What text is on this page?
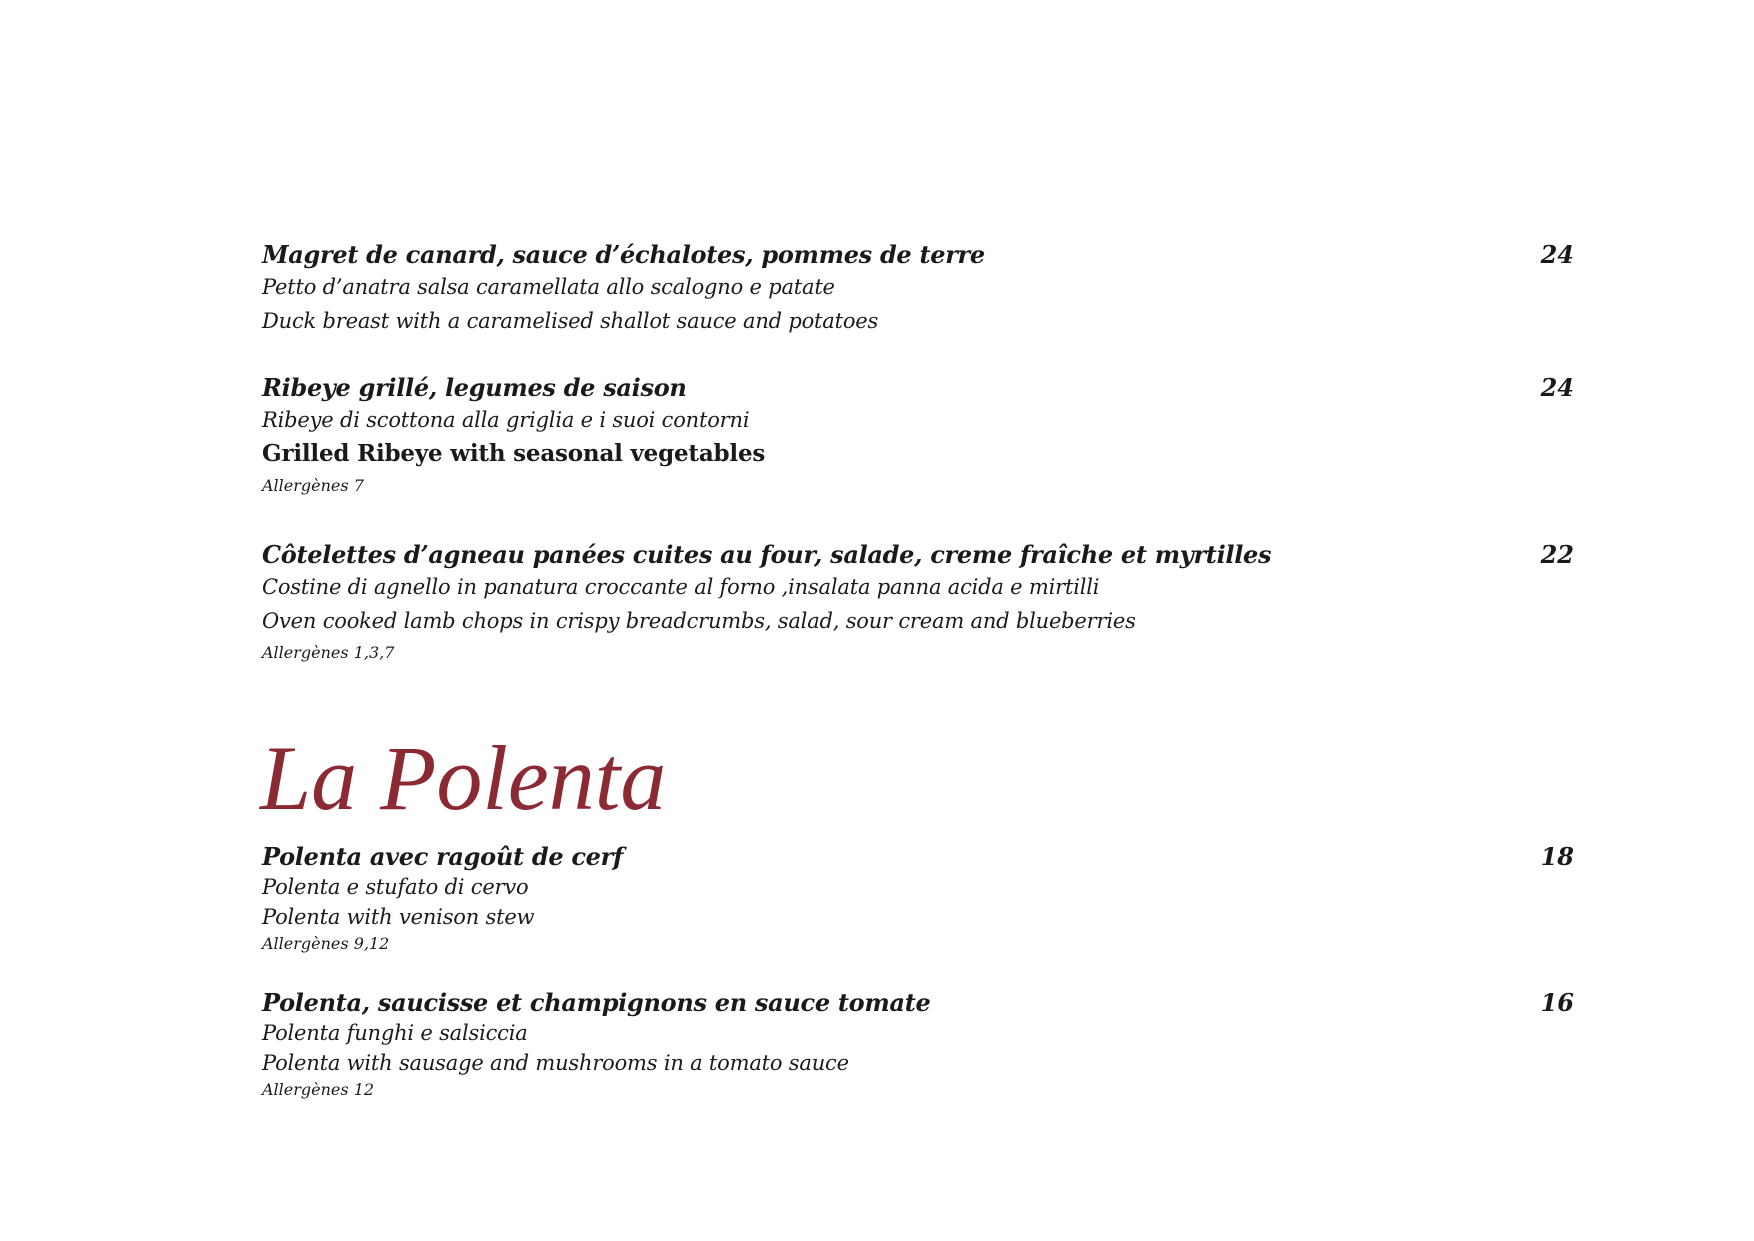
Magret de canard, sauce d’échalotes, pommes de terre	24
Petto d’anatra salsa caramellata allo scalogno e patate
Duck breast with a caramelised shallot sauce and potatoes
Ribeye grillé, legumes de saison	24
Ribeye di scottona alla griglia e i suoi contorni
Grilled Ribeye with seasonal vegetables
Allergènes 7
Côtelettes d’agneau panées cuites au four, salade, creme fraîche et myrtilles	22
Costine di agnello in panatura croccante al forno ,insalata panna acida e mirtilli
Oven cooked lamb chops in crispy breadcrumbs, salad, sour cream and blueberries
Allergènes 1,3,7
La Polenta
Polenta avec ragoût de cerf	18
Polenta e stufato di cervo
Polenta with venison stew
Allergènes 9,12
Polenta, saucisse et champignons en sauce tomate	16
Polenta funghi e salsiccia
Polenta with sausage and mushrooms in a tomato sauce
Allergènes 12
